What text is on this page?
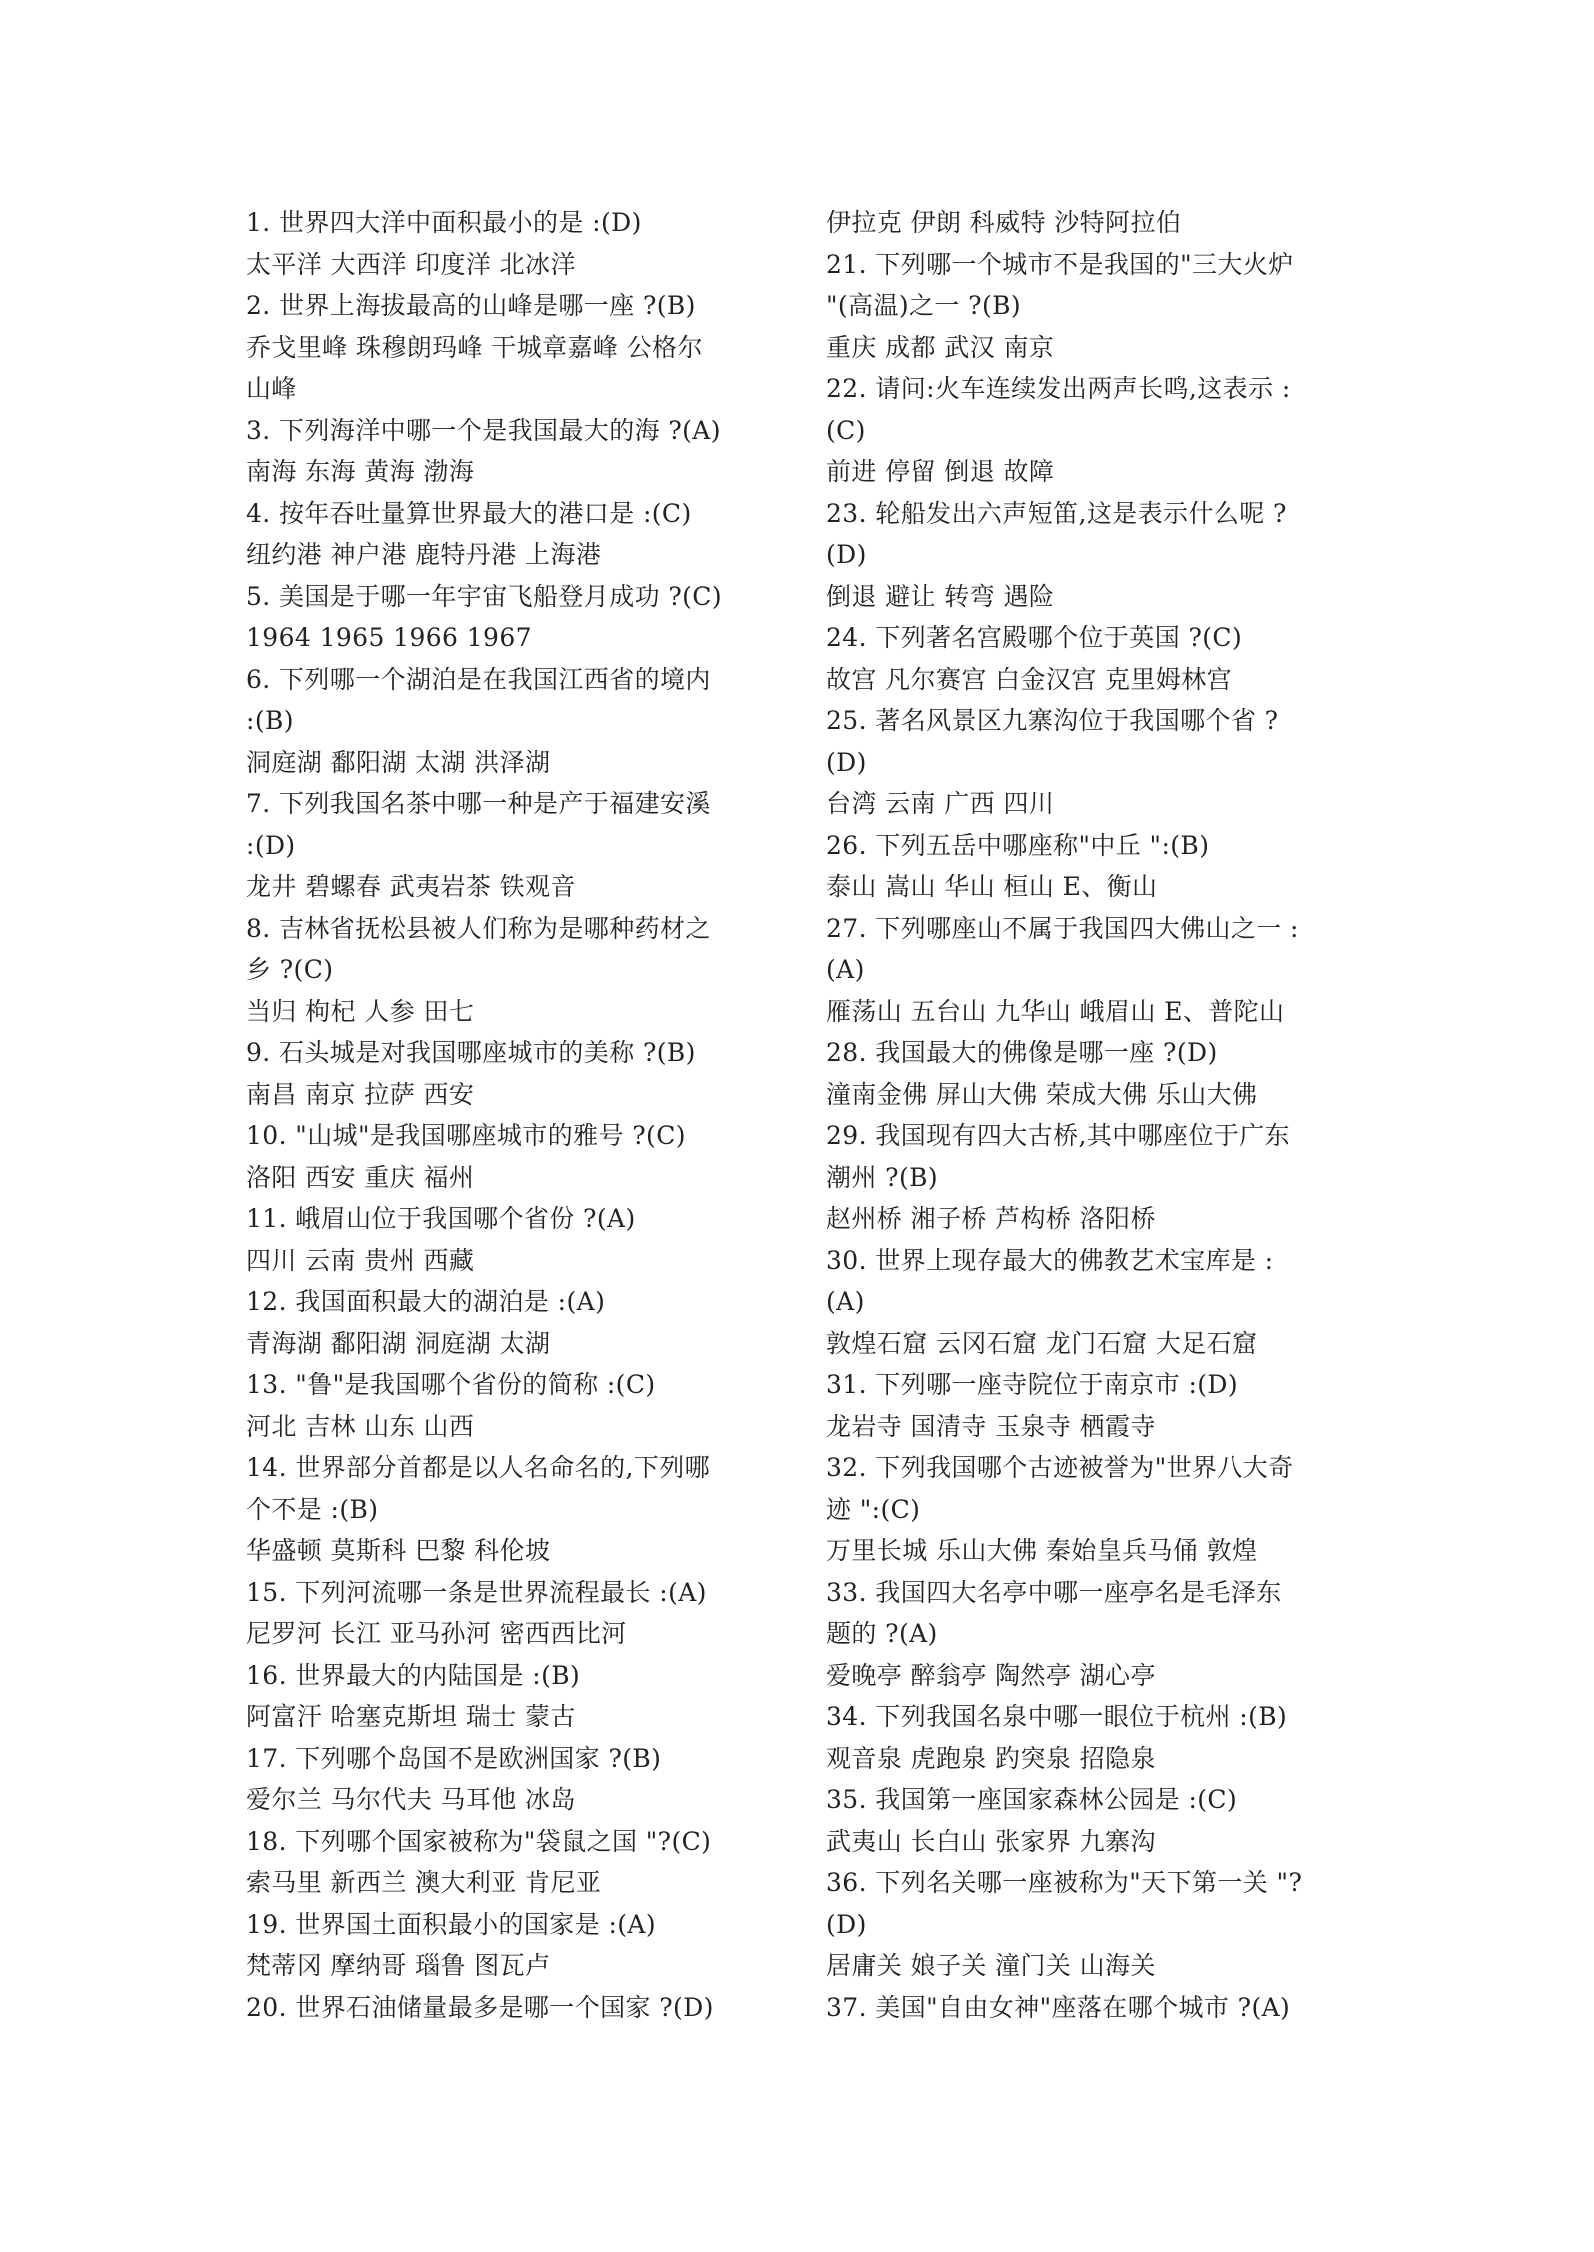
1. 世界四大洋中面积最小的是 :(D)
太平洋 大西洋 印度洋 北冰洋
2. 世界上海拔最高的山峰是哪一座 ?(B)
乔戈里峰 珠穆朗玛峰 干城章嘉峰 公格尔
山峰
3. 下列海洋中哪一个是我国最大的海 ?(A)
南海 东海 黄海 渤海
4. 按年吞吐量算世界最大的港口是 :(C)
纽约港 神户港 鹿特丹港 上海港
5. 美国是于哪一年宇宙飞船登月成功 ?(C)
1964 1965 1966 1967
6. 下列哪一个湖泊是在我国江西省的境内
:(B)
洞庭湖 鄱阳湖 太湖 洪泽湖
7. 下列我国名茶中哪一种是产于福建安溪
:(D)
龙井 碧螺春 武夷岩茶 铁观音
8. 吉林省抚松县被人们称为是哪种药材之
乡 ?(C)
当归 枸杞 人参 田七
9. 石头城是对我国哪座城市的美称 ?(B)
南昌 南京 拉萨 西安
10. "山城"是我国哪座城市的雅号 ?(C)
洛阳 西安 重庆 福州
11. 峨眉山位于我国哪个省份 ?(A)
四川 云南 贵州 西藏
12. 我国面积最大的湖泊是 :(A)
青海湖 鄱阳湖 洞庭湖 太湖
13. "鲁"是我国哪个省份的简称 :(C)
河北 吉林 山东 山西
14. 世界部分首都是以人名命名的,下列哪
个不是 :(B)
华盛顿 莫斯科 巴黎 科伦坡
15. 下列河流哪一条是世界流程最长 :(A)
尼罗河 长江 亚马孙河 密西西比河
16. 世界最大的内陆国是 :(B)
阿富汗 哈塞克斯坦 瑞士 蒙古
17. 下列哪个岛国不是欧洲国家 ?(B)
爱尔兰 马尔代夫 马耳他 冰岛
18. 下列哪个国家被称为"袋鼠之国 "?(C)
索马里 新西兰 澳大利亚 肯尼亚
19. 世界国土面积最小的国家是 :(A)
梵蒂冈 摩纳哥 瑙鲁 图瓦卢
20. 世界石油储量最多是哪一个国家 ?(D)
伊拉克 伊朗 科威特 沙特阿拉伯
21. 下列哪一个城市不是我国的"三大火炉
"(高温)之一 ?(B)
重庆 成都 武汉 南京
22. 请问:火车连续发出两声长鸣,这表示 :
(C)
前进 停留 倒退 故障
23. 轮船发出六声短笛,这是表示什么呢 ?
(D)
倒退 避让 转弯 遇险
24. 下列著名宫殿哪个位于英国 ?(C)
故宫 凡尔赛宫 白金汉宫 克里姆林宫
25. 著名风景区九寨沟位于我国哪个省 ?
(D)
台湾 云南 广西 四川
26. 下列五岳中哪座称"中丘 ":(B)
泰山 嵩山 华山 桓山 E、衡山
27. 下列哪座山不属于我国四大佛山之一 :
(A)
雁荡山 五台山 九华山 峨眉山 E、普陀山
28. 我国最大的佛像是哪一座 ?(D)
潼南金佛 屏山大佛 荣成大佛 乐山大佛
29. 我国现有四大古桥,其中哪座位于广东
潮州 ?(B)
赵州桥 湘子桥 芦构桥 洛阳桥
30. 世界上现存最大的佛教艺术宝库是 :
(A)
敦煌石窟 云冈石窟 龙门石窟 大足石窟
31. 下列哪一座寺院位于南京市 :(D)
龙岩寺 国清寺 玉泉寺 栖霞寺
32. 下列我国哪个古迹被誉为"世界八大奇
迹 ":(C)
万里长城 乐山大佛 秦始皇兵马俑 敦煌
33. 我国四大名亭中哪一座亭名是毛泽东
题的 ?(A)
爱晚亭 醉翁亭 陶然亭 湖心亭
34. 下列我国名泉中哪一眼位于杭州 :(B)
观音泉 虎跑泉 趵突泉 招隐泉
35. 我国第一座国家森林公园是 :(C)
武夷山 长白山 张家界 九寨沟
36. 下列名关哪一座被称为"天下第一关 "?
(D)
居庸关 娘子关 潼门关 山海关
37. 美国"自由女神"座落在哪个城市 ?(A)
